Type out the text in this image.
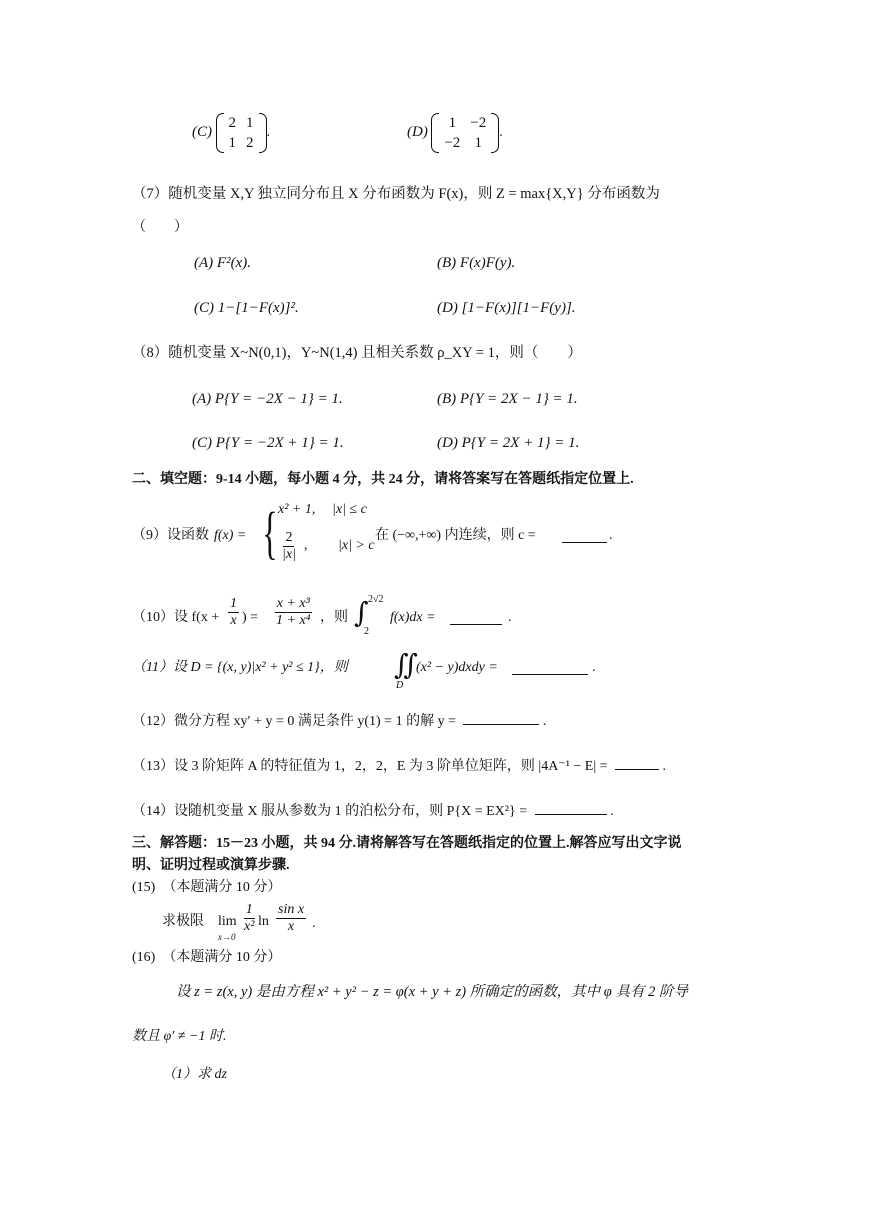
(C)
2	1
1	2
.	(D)
1	−2
−2	1
.
（7）随机变量 X,Y 独立同分布且 X 分布函数为 F(x)，则 Z = max{X,Y} 分布函数为
（　　）
(A) F²(x).	(B) F(x)F(y).
(C) 1−[1−F(x)]².	(D) [1−F(x)][1−F(y)].
（8）随机变量 X~N(0,1)，Y~N(1,4) 且相关系数 ρ_XY = 1，则（　　）
(A) P{Y = −2X − 1} = 1.	(B) P{Y = 2X − 1} = 1.
(C) P{Y = −2X + 1} = 1.	(D) P{Y = 2X + 1} = 1.
二、填空题：9-14 小题，每小题 4 分，共 24 分，请将答案写在答题纸指定位置上.
（9）设函数 f(x) = { x² + 1, |x| ≤ c
$\frac{2}{|x|}$ , |x| > c
在 (−∞,+∞) 内连续，则 c =	.
（10）设 $f(x + \frac{1}{x}$ ) = $\frac{\text{x + x³}}{\text{1 + x⁴}}$ ，则 ∫ 2√2
2
f(x)dx =	.
（11）设 D = {(x, y)|x² + y² ≤ 1}，则 ∬
D
(x² − y)dxdy =	.
（12）微分方程 xy′ + y = 0 满足条件 y(1) = 1 的解 y =	.
（13）设 3 阶矩阵 A 的特征值为 1，2，2，E 为 3 阶单位矩阵，则 |4A⁻¹ − E| =	.
（14）设随机变量 X 服从参数为 1 的泊松分布，则 P{X = EX²} =	.
三、解答题：15－23 小题，共 94 分.请将解答写在答题纸指定的位置上.解答应写出文字说
明、证明过程或演算步骤.
(15)　（本题满分 10 分）
求极限 lim
x→0
$\frac{1}{\text{x²}}$ $\ln \frac{\text{sin x}}{x}$ .
(16)　（本题满分 10 分）
设 z = z(x, y) 是由方程 x² + y² − z = φ(x + y + z) 所确定的函数，其中 φ 具有 2 阶导
数且 φ′ ≠ −1 时.
（1）求 dz
